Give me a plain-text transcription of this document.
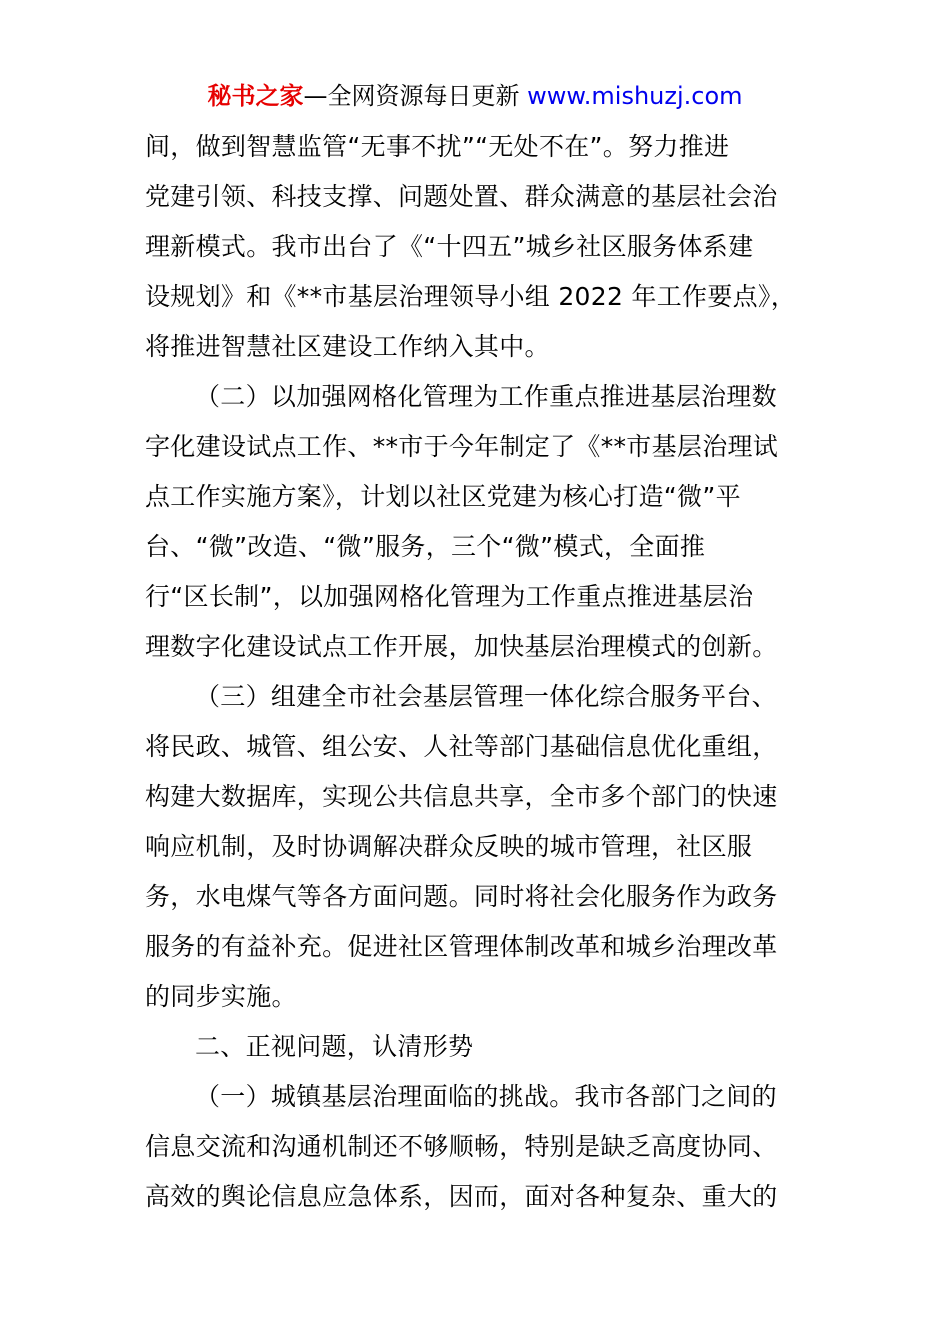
秘书之家—全网资源每日更新 www.mishuzj.com
间，做到智慧监管“无事不扰”“无处不在”。努力推进
党建引领、科技支撑、问题处置、群众满意的基层社会治
理新模式。我市出台了《“十四五”城乡社区服务体系建
设规划》和《**市基层治理领导小组 2022 年工作要点》，
将推进智慧社区建设工作纳入其中。
（二）以加强网格化管理为工作重点推进基层治理数
字化建设试点工作、**市于今年制定了《**市基层治理试
点工作实施方案》，计划以社区党建为核心打造“微”平
台、“微”改造、“微”服务，三个“微”模式，全面推
行“区长制”，以加强网格化管理为工作重点推进基层治
理数字化建设试点工作开展，加快基层治理模式的创新。
（三）组建全市社会基层管理一体化综合服务平台、
将民政、城管、组公安、人社等部门基础信息优化重组，
构建大数据库，实现公共信息共享，全市多个部门的快速
响应机制，及时协调解决群众反映的城市管理，社区服
务，水电煤气等各方面问题。同时将社会化服务作为政务
服务的有益补充。促进社区管理体制改革和城乡治理改革
的同步实施。
二、正视问题，认清形势
（一）城镇基层治理面临的挑战。我市各部门之间的
信息交流和沟通机制还不够顺畅，特别是缺乏高度协同、
高效的舆论信息应急体系，因而，面对各种复杂、重大的
